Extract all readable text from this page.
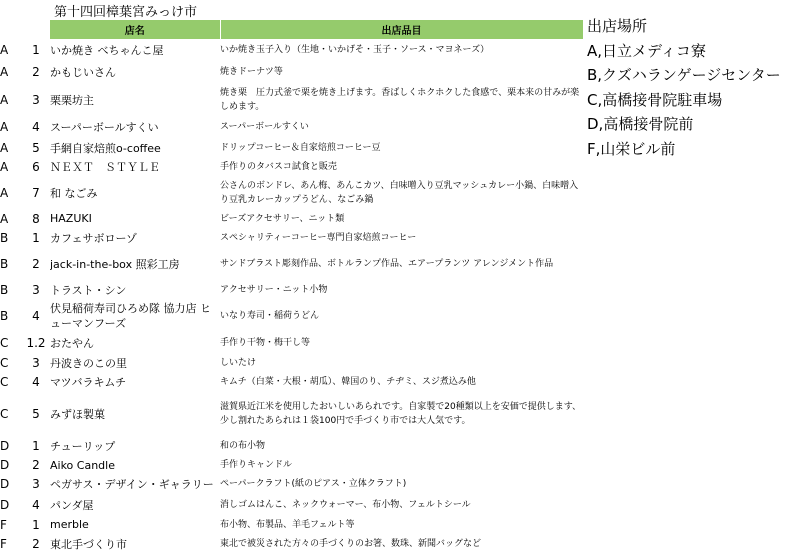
第十四回樟葉宮みっけ市
		店名	出店品目
A	1	いか焼き べちゃんこ屋	いか焼き玉子入り（生地・いかげそ・玉子・ソース・マヨネーズ）
A	2	かもじいさん	焼きドーナツ等
A	3	栗栗坊主	焼き栗　圧力式釜で栗を焼き上げます。香ばしくホクホクした食感で、栗本来の甘みが楽しめます。
A	4	スーパーボールすくい	スーパーボールすくい
A	5	手網自家焙煎o-coffee	ドリップコーヒー＆自家焙煎コーヒー豆
A	6	ＮＥＸＴ　ＳＴＹＬＥ	手作りのタバスコ試食と販売
A	7	和 なごみ	公さんのボンドレ、あん梅、あんこカツ、白味噌入り豆乳マッシュカレー小鍋、白味噌入り豆乳カレーカップうどん、なごみ鍋
A	8	HAZUKI	ビーズアクセサリー、ニット類
B	1	カフェサボローゾ	スペシャリティーコーヒー専門自家焙煎コーヒー
B	2	jack-in-the-box 照彩工房	サンドブラスト彫刻作品、ボトルランプ作品、エアープランツ アレンジメント作品
B	3	トラスト・シン	アクセサリー・ニット小物
B	4	伏見稲荷寿司ひろめ隊 協力店 ヒューマンフーズ	いなり寿司・稲荷うどん
C	1.2	おたやん	手作り干物・梅干し等
C	3	丹波きのこの里	しいたけ
C	4	マツバラキムチ	キムチ（白菜・大根・胡瓜）、韓国のり、チヂミ、スジ煮込み他
C	5	みずほ製菓	滋賀県近江米を使用したおいしいあられです。自家製で20種類以上を安価で提供します、少し割れたあられは１袋100円で手づくり市では大人気です。
D	1	チューリップ	和の布小物
D	2	Aiko Candle	手作りキャンドル
D	3	ペガサス・デザイン・ギャラリー	ペーパークラフト(紙のピアス・立体クラフト)
D	4	パンダ屋	消しゴムはんこ、ネックウォーマー、布小物、フェルトシール
F	1	merble	布小物、布製品、羊毛フェルト等
F	2	東北手づくり市	東北で被災された方々の手づくりのお箸、数珠、新聞バッグなど
出店場所
A,日立メディコ寮
B,クズハランゲージセンター
C,高橋接骨院駐車場
D,高橋接骨院前
F,山栄ビル前
